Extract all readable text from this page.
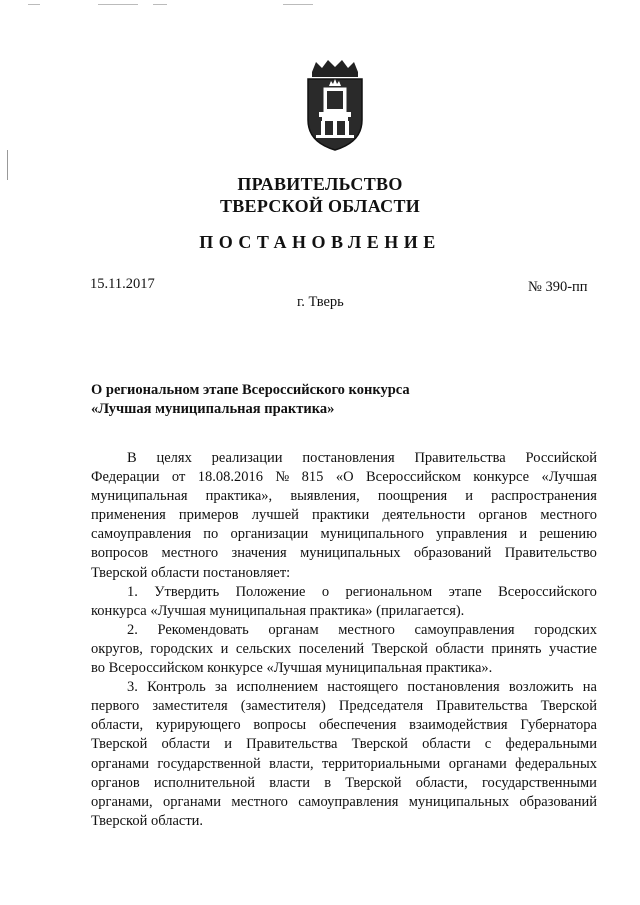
ПРАВИТЕЛЬСТВО
ТВЕРСКОЙ ОБЛАСТИ
ПОСТАНОВЛЕНИЕ
15.11.2017	№ 390-пп
г. Тверь
О региональном этапе Всероссийского конкурса
«Лучшая муниципальная практика»
В целях реализации постановления Правительства Российской
Федерации от 18.08.2016 № 815 «О Всероссийском конкурсе «Лучшая
муниципальная практика», выявления, поощрения и распространения
применения примеров лучшей практики деятельности органов местного
самоуправления по организации муниципального управления и решению
вопросов местного значения муниципальных образований Правительство
Тверской области постановляет:
1. Утвердить Положение о региональном этапе Всероссийского
конкурса «Лучшая муниципальная практика» (прилагается).
2. Рекомендовать органам местного самоуправления городских
округов, городских и сельских поселений Тверской области принять участие
во Всероссийском конкурсе «Лучшая муниципальная практика».
3. Контроль за исполнением настоящего постановления возложить на
первого заместителя (заместителя) Председателя Правительства Тверской
области, курирующего вопросы обеспечения взаимодействия Губернатора
Тверской области и Правительства Тверской области с федеральными
органами государственной власти, территориальными органами федеральных
органов исполнительной власти в Тверской области, государственными
органами, органами местного самоуправления муниципальных образований
Тверской области.
